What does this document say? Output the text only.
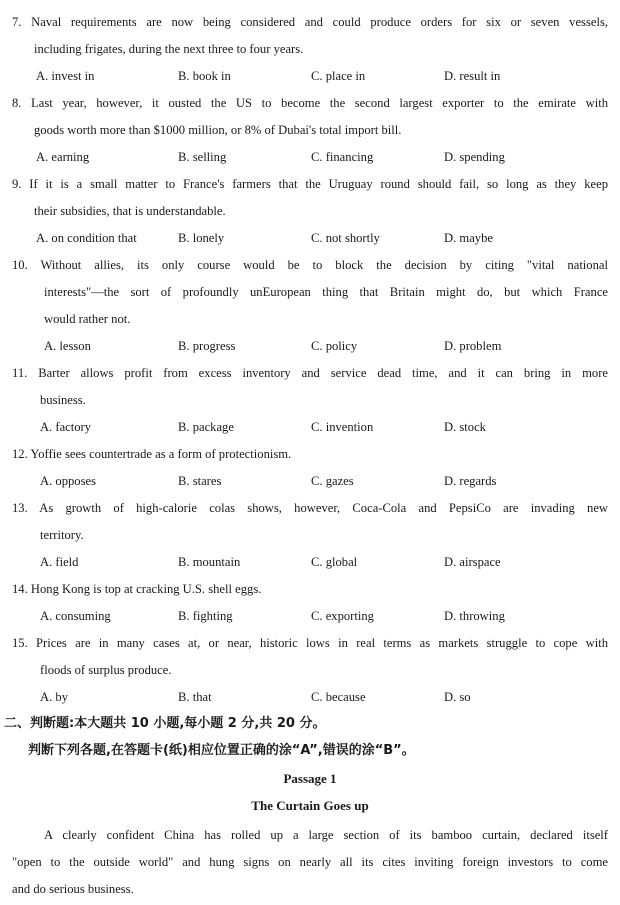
7. Naval requirements are now being considered and could produce orders for six or seven vessels,
including frigates, during the next three to four years.
A. invest in	B. book in	C. place in	D. result in
8. Last year, however, it ousted the US to become the second largest exporter to the emirate with
goods worth more than $1000 million, or 8% of Dubai's total import bill.
A. earning	B. selling	C. financing	D. spending
9. If it is a small matter to France's farmers that the Uruguay round should fail, so long as they keep
their subsidies, that is understandable.
A. on condition that	B. lonely	C. not shortly	D. maybe
10. Without allies, its only course would be to block the decision by citing "vital national
interests"—the sort of profoundly unEuropean thing that Britain might do, but which France
would rather not.
A. lesson	B. progress	C. policy	D. problem
11. Barter allows profit from excess inventory and service dead time, and it can bring in more
business.
A. factory	B. package	C. invention	D. stock
12. Yoffie sees countertrade as a form of protectionism.
A. opposes	B. stares	C. gazes	D. regards
13. As growth of high-calorie colas shows, however, Coca-Cola and PepsiCo are invading new
territory.
A. field	B. mountain	C. global	D. airspace
14. Hong Kong is top at cracking U.S. shell eggs.
A. consuming	B. fighting	C. exporting	D. throwing
15. Prices are in many cases at, or near, historic lows in real terms as markets struggle to cope with
floods of surplus produce.
A. by	B. that	C. because	D. so
二、判断题:本大题共 10 小题,每小题 2 分,共 20 分。
判断下列各题,在答题卡(纸)相应位置正确的涂“A”,错误的涂“B”。
Passage 1
The Curtain Goes up
A clearly confident China has rolled up a large section of its bamboo curtain, declared itself
"open to the outside world" and hung signs on nearly all its cites inviting foreign investors to come
and do serious business.
